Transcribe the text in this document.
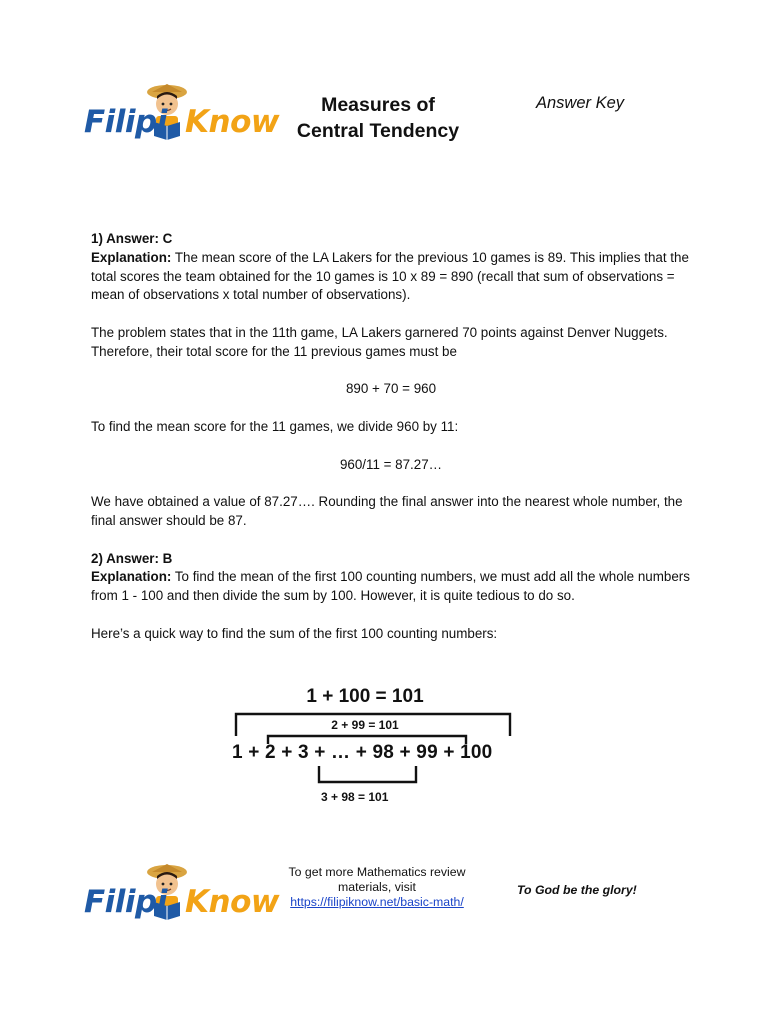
Filipi Know	Measures of
Central Tendency
Answer Key

1) Answer: C

Explanation: The mean score of the LA Lakers for the previous 10 games is 89. This implies that the total scores the team obtained for the 10 games is 10 x 89 = 890 (recall that sum of observations = mean of observations x total number of observations).

The problem states that in the 11th game, LA Lakers garnered 70 points against Denver Nuggets. Therefore, their total score for the 11 previous games must be

890 + 70 = 960

To find the mean score for the 11 games, we divide 960 by 11:

960/11 = 87.27…

We have obtained a value of 87.27…. Rounding the final answer into the nearest whole number, the final answer should be 87.

2) Answer: B

Explanation: To find the mean of the first 100 counting numbers, we must add all the whole numbers from 1 - 100 and then divide the sum by 100. However, it is quite tedious to do so.

Here’s a quick way to find the sum of the first 100 counting numbers:

1 + 100 = 101
2 + 99 = 101
1 + 2 + 3 + … + 98 + 99 + 100
3 + 98 = 101
Filipi Know
To get more Mathematics review materials, visit
https://filipiknow.net/basic-math/
To God be the glory!
